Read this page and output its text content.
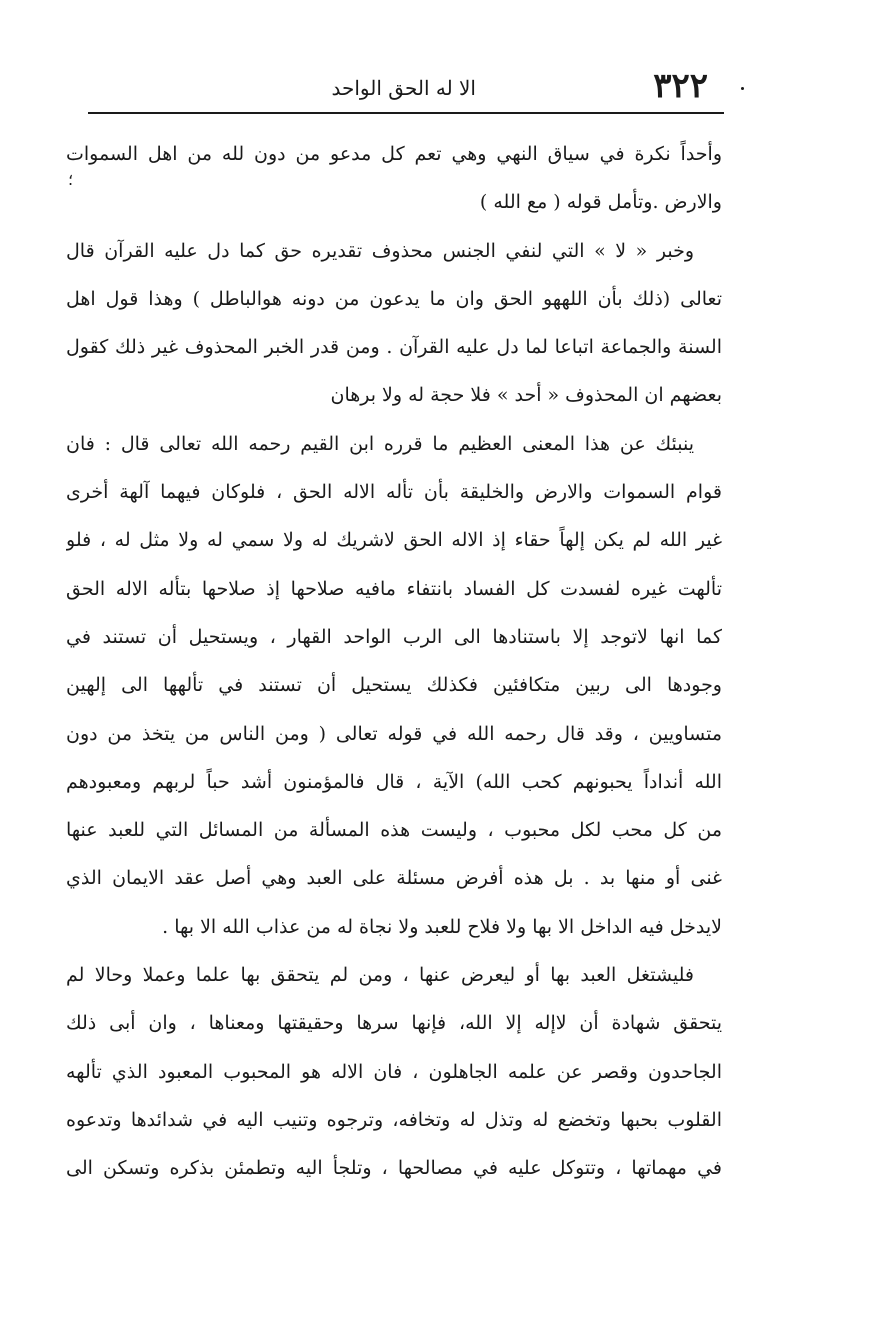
٣٢٢
الا له الحق الواحد
؛
وأحداً نكرة في سياق النهي وهي تعم كل مدعو من دون لله من اهل السموات
والارض .وتأمل قوله ( مع الله )
وخبر « لا » التي لنفي الجنس محذوف تقديره حق كما دل عليه القرآن قال
تعالى (ذلك بأن اللههو الحق وان ما يدعون من دونه هوالباطل ) وهذا قول اهل
السنة والجماعة اتباعا لما دل عليه القرآن . ومن قدر الخبر المحذوف غير ذلك كقول
بعضهم ان المحذوف « أحد » فلا حجة له ولا برهان
ينبئك عن هذا المعنى العظيم ما قرره ابن القيم رحمه الله تعالى قال : فان
قوام السموات والارض والخليقة بأن تأله الاله الحق ، فلوكان فيهما آلهة أخرى
غير الله لم يكن إلهاً حقاء إذ الاله الحق لاشريك له ولا سمي له ولا مثل له ، فلو
تألهت غيره لفسدت كل الفساد بانتفاء مافيه صلاحها إذ صلاحها بتأله الاله الحق
كما انها لاتوجد إلا باستنادها الى الرب الواحد القهار ، ويستحيل أن تستند في
وجودها الى ربين متكافئين فكذلك يستحيل أن تستند في تألهها الى إلهين
متساويين ، وقد قال رحمه الله في قوله تعالى ( ومن الناس من يتخذ من دون
الله أنداداً يحبونهم كحب الله) الآية ، قال فالمؤمنون أشد حباً لربهم ومعبودهم
من كل محب لكل محبوب ، وليست هذه المسألة من المسائل التي للعبد عنها
غنى أو منها بد . بل هذه أفرض مسئلة على العبد وهي أصل عقد الايمان الذي
لايدخل فيه الداخل الا بها ولا فلاح للعبد ولا نجاة له من عذاب الله الا بها .
فليشتغل العبد بها أو ليعرض عنها ، ومن لم يتحقق بها علما وعملا وحالا لم
يتحقق شهادة أن لاإله إلا الله، فإنها سرها وحقيقتها ومعناها ، وان أبى ذلك
الجاحدون وقصر عن علمه الجاهلون ، فان الاله هو المحبوب المعبود الذي تألهه
القلوب بحبها وتخضع له وتذل له وتخافه، وترجوه وتنيب اليه في شدائدها وتدعوه
في مهماتها ، وتتوكل عليه في مصالحها ، وتلجأ اليه وتطمئن بذكره وتسكن الى
